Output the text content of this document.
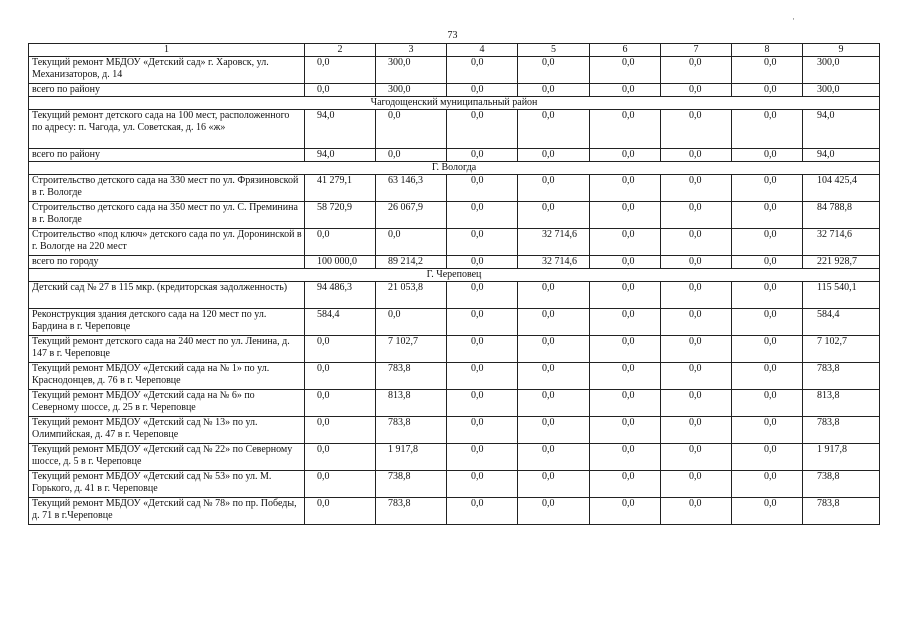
73
·
1	2	3	4	5	6	7	8	9
Текущий ремонт МБДОУ «Детский сад» г. Харовск, ул. Механизаторов, д. 14	0,0	300,0	0,0	0,0	0,0	0,0	0,0	300,0
всего по району	0,0	300,0	0,0	0,0	0,0	0,0	0,0	300,0
Чагодощенский муниципальный район								
Текущий ремонт детского сада на 100 мест, расположенного по адресу: п. Чагода, ул. Советская, д. 16 «ж»	94,0	0,0	0,0	0,0	0,0	0,0	0,0	94,0
всего по району	94,0	0,0	0,0	0,0	0,0	0,0	0,0	94,0
Г. Вологда								
Строительство детского сада на 330 мест по ул. Фрязиновской в г. Вологде	41 279,1	63 146,3	0,0	0,0	0,0	0,0	0,0	104 425,4
Строительство детского сада на 350 мест по ул. С. Преминина в г. Вологде	58 720,9	26 067,9	0,0	0,0	0,0	0,0	0,0	84 788,8
Строительство «под ключ» детского сада по ул. Доронинской в г. Вологде на 220 мест	0,0	0,0	0,0	32 714,6	0,0	0,0	0,0	32 714,6
всего по городу	100 000,0	89 214,2	0,0	32 714,6	0,0	0,0	0,0	221 928,7
Г. Череповец								
Детский сад № 27 в 115 мкр. (кредиторская задолженность)	94 486,3	21 053,8	0,0	0,0	0,0	0,0	0,0	115 540,1
Реконструкция здания детского сада на 120 мест по ул. Бардина в г. Череповце	584,4	0,0	0,0	0,0	0,0	0,0	0,0	584,4
Текущий ремонт детского сада на 240 мест по ул. Ленина, д. 147 в г. Череповце	0,0	7 102,7	0,0	0,0	0,0	0,0	0,0	7 102,7
Текущий ремонт МБДОУ «Детский сада на № 1» по ул. Краснодонцев, д. 76 в г. Череповце	0,0	783,8	0,0	0,0	0,0	0,0	0,0	783,8
Текущий ремонт МБДОУ «Детский сада на № 6» по Северному шоссе, д. 25 в г. Череповце	0,0	813,8	0,0	0,0	0,0	0,0	0,0	813,8
Текущий ремонт МБДОУ «Детский сад № 13» по ул. Олимпийская, д. 47 в г. Череповце	0,0	783,8	0,0	0,0	0,0	0,0	0,0	783,8
Текущий ремонт МБДОУ «Детский сад № 22» по Северному шоссе, д. 5 в г. Череповце	0,0	1 917,8	0,0	0,0	0,0	0,0	0,0	1 917,8
Текущий ремонт МБДОУ «Детский сад № 53» по ул. М. Горького, д. 41 в г. Череповце	0,0	738,8	0,0	0,0	0,0	0,0	0,0	738,8
Текущий ремонт МБДОУ «Детский сад № 78» по пр. Победы, д. 71 в г.Череповце	0,0	783,8	0,0	0,0	0,0	0,0	0,0	783,8
